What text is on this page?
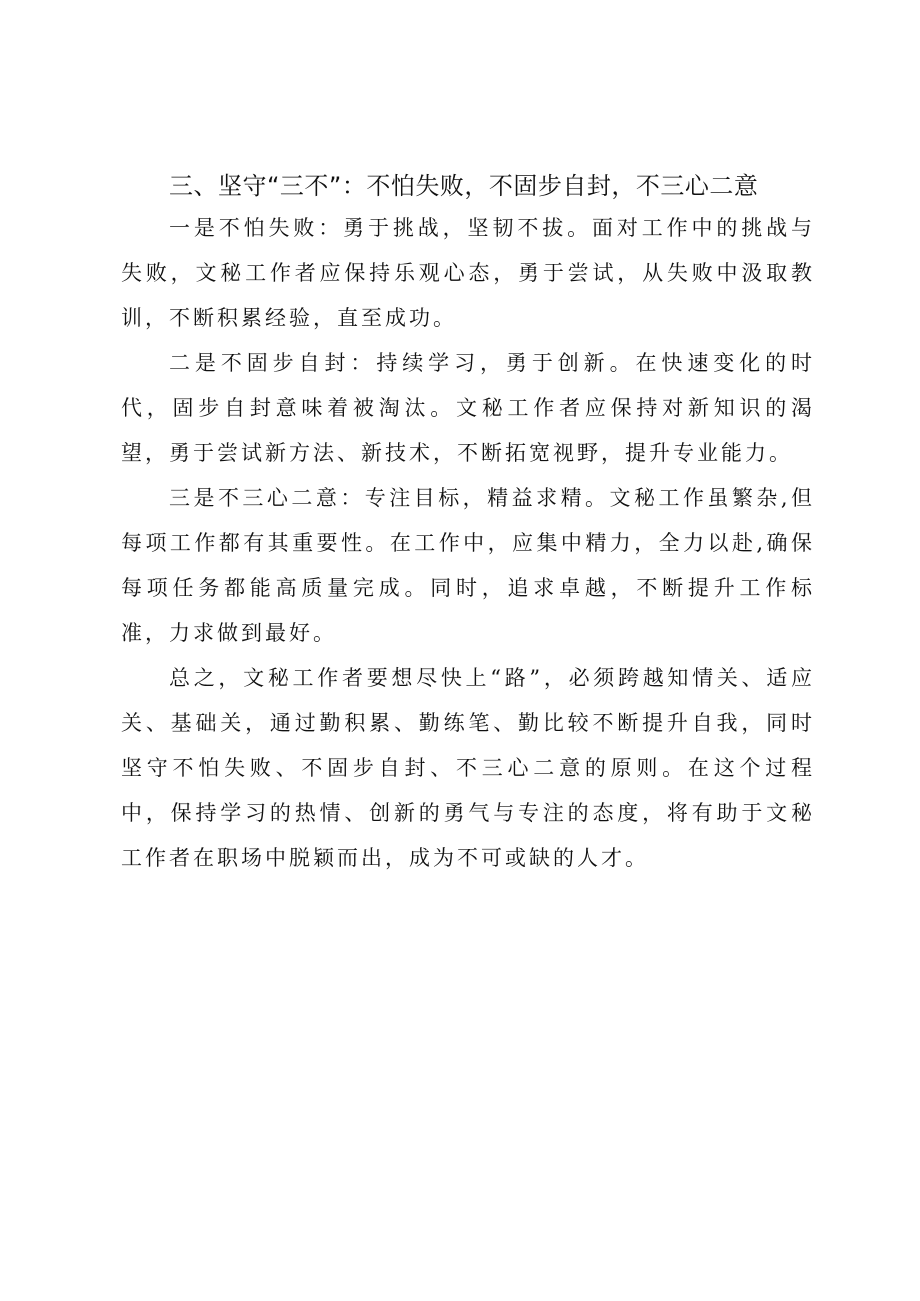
三、坚守“三不”：不怕失败，不固步自封，不三心二意

一是不怕失败：勇于挑战，坚韧不拔。面对工作中的挑战与失败，文秘工作者应保持乐观心态，勇于尝试，从失败中汲取教训，不断积累经验，直至成功。

二是不固步自封：持续学习，勇于创新。在快速变化的时代，固步自封意味着被淘汰。文秘工作者应保持对新知识的渴望，勇于尝试新方法、新技术，不断拓宽视野，提升专业能力。

三是不三心二意：专注目标，精益求精。文秘工作虽繁杂,但每项工作都有其重要性。在工作中，应集中精力，全力以赴,确保每项任务都能高质量完成。同时，追求卓越，不断提升工作标准，力求做到最好。

总之，文秘工作者要想尽快上“路”，必须跨越知情关、适应关、基础关，通过勤积累、勤练笔、勤比较不断提升自我，同时坚守不怕失败、不固步自封、不三心二意的原则。在这个过程中，保持学习的热情、创新的勇气与专注的态度，将有助于文秘工作者在职场中脱颖而出，成为不可或缺的人才。
